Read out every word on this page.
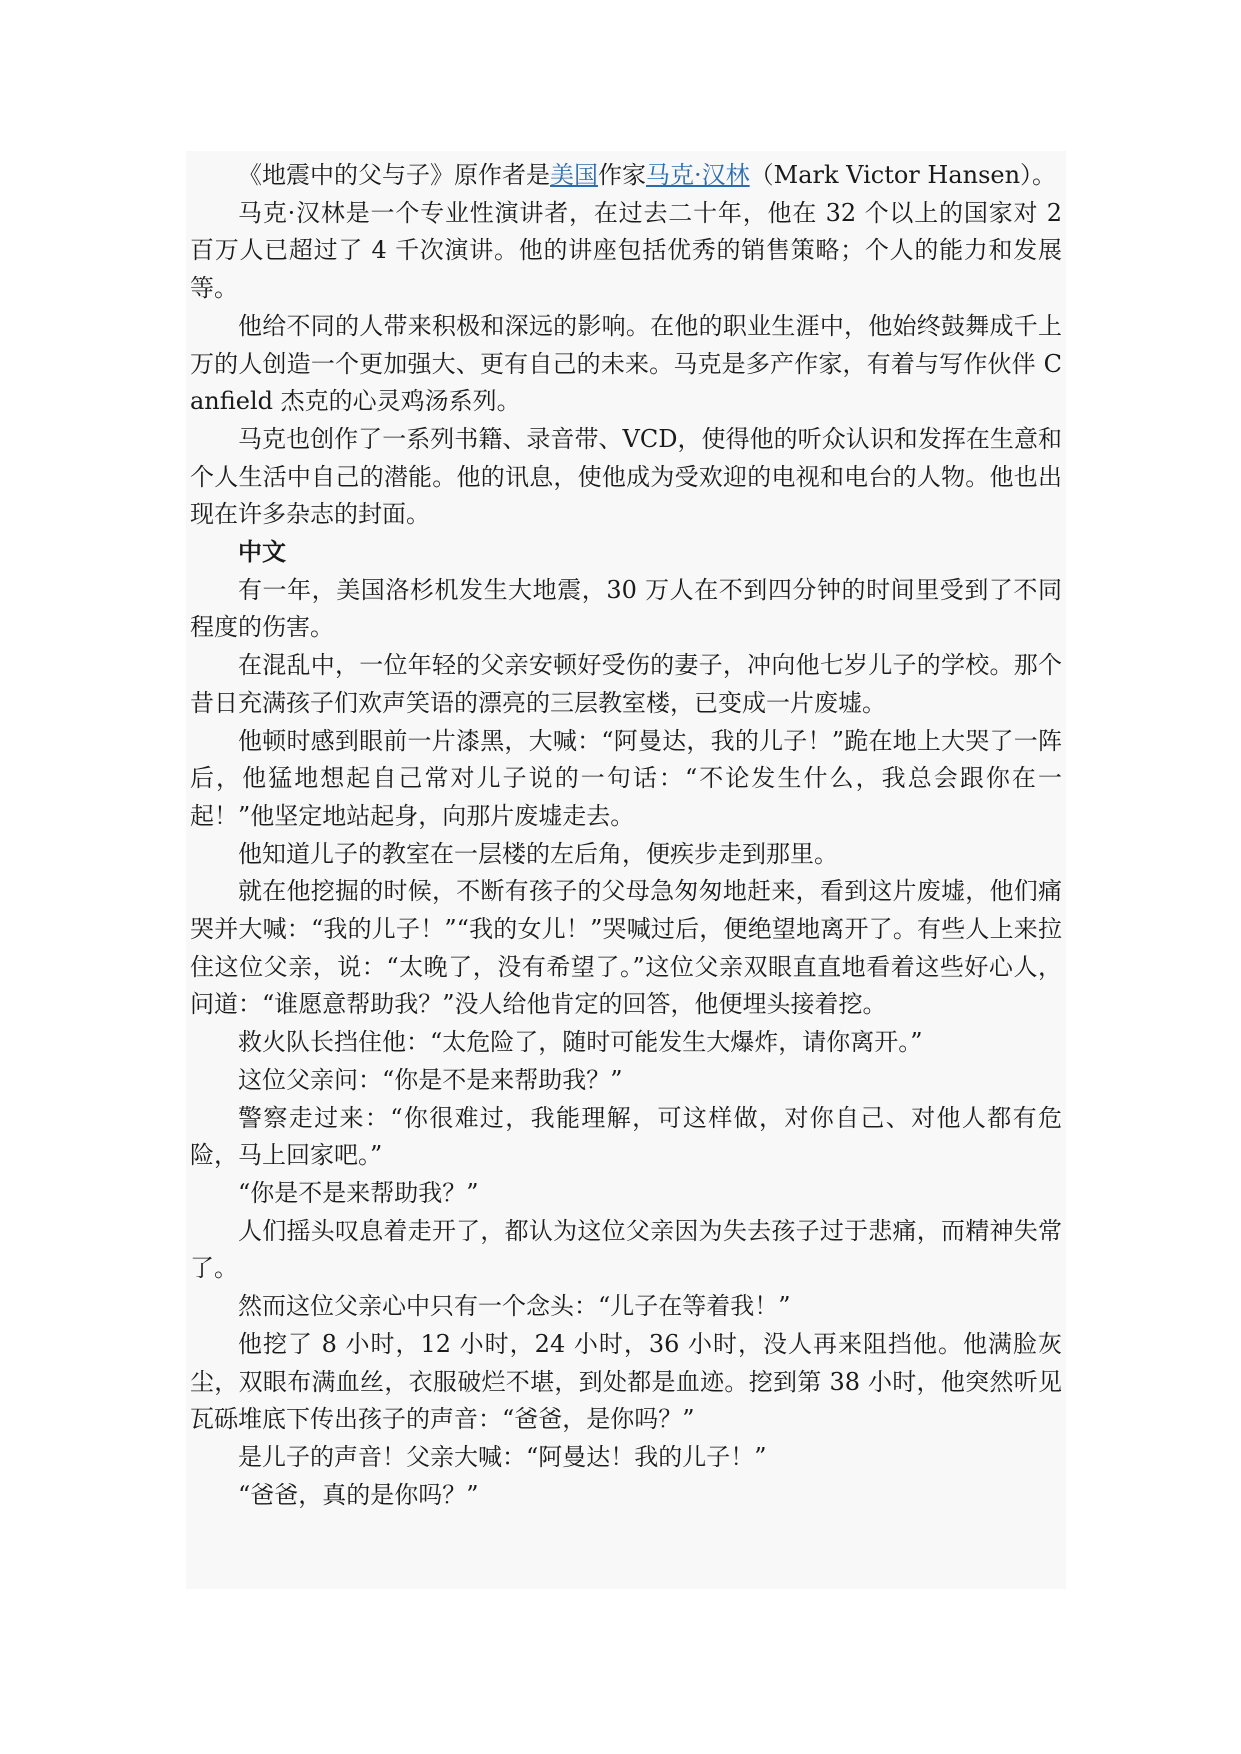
《地震中的父与子》原作者是美国作家马克·汉林（Mark Victor Hansen）。

马克·汉林是一个专业性演讲者，在过去二十年，他在 32 个以上的国家对 2 百万人已超过了 4 千次演讲。他的讲座包括优秀的销售策略；个人的能力和发展等。

他给不同的人带来积极和深远的影响。在他的职业生涯中，他始终鼓舞成千上万的人创造一个更加强大、更有自己的未来。马克是多产作家，有着与写作伙伴 Canfield 杰克的心灵鸡汤系列。

马克也创作了一系列书籍、录音带、VCD，使得他的听众认识和发挥在生意和个人生活中自己的潜能。他的讯息，使他成为受欢迎的电视和电台的人物。他也出现在许多杂志的封面。

中文

有一年，美国洛杉机发生大地震，30 万人在不到四分钟的时间里受到了不同程度的伤害。

在混乱中，一位年轻的父亲安顿好受伤的妻子，冲向他七岁儿子的学校。那个昔日充满孩子们欢声笑语的漂亮的三层教室楼，已变成一片废墟。

他顿时感到眼前一片漆黑，大喊：“阿曼达，我的儿子！”跪在地上大哭了一阵后，他猛地想起自己常对儿子说的一句话：“不论发生什么，我总会跟你在一起！”他坚定地站起身，向那片废墟走去。

他知道儿子的教室在一层楼的左后角，便疾步走到那里。

就在他挖掘的时候，不断有孩子的父母急匆匆地赶来，看到这片废墟，他们痛哭并大喊：“我的儿子！”“我的女儿！”哭喊过后，便绝望地离开了。有些人上来拉住这位父亲，说：“太晚了，没有希望了。”这位父亲双眼直直地看着这些好心人，问道：“谁愿意帮助我？”没人给他肯定的回答，他便埋头接着挖。

救火队长挡住他：“太危险了，随时可能发生大爆炸，请你离开。”

这位父亲问：“你是不是来帮助我？”

警察走过来：“你很难过，我能理解，可这样做，对你自己、对他人都有危险，马上回家吧。”

“你是不是来帮助我？”

人们摇头叹息着走开了，都认为这位父亲因为失去孩子过于悲痛，而精神失常了。

然而这位父亲心中只有一个念头：“儿子在等着我！”

他挖了 8 小时，12 小时，24 小时，36 小时，没人再来阻挡他。他满脸灰尘，双眼布满血丝，衣服破烂不堪，到处都是血迹。挖到第 38 小时，他突然听见瓦砾堆底下传出孩子的声音：“爸爸，是你吗？”

是儿子的声音！父亲大喊：“阿曼达！我的儿子！”

“爸爸，真的是你吗？”
